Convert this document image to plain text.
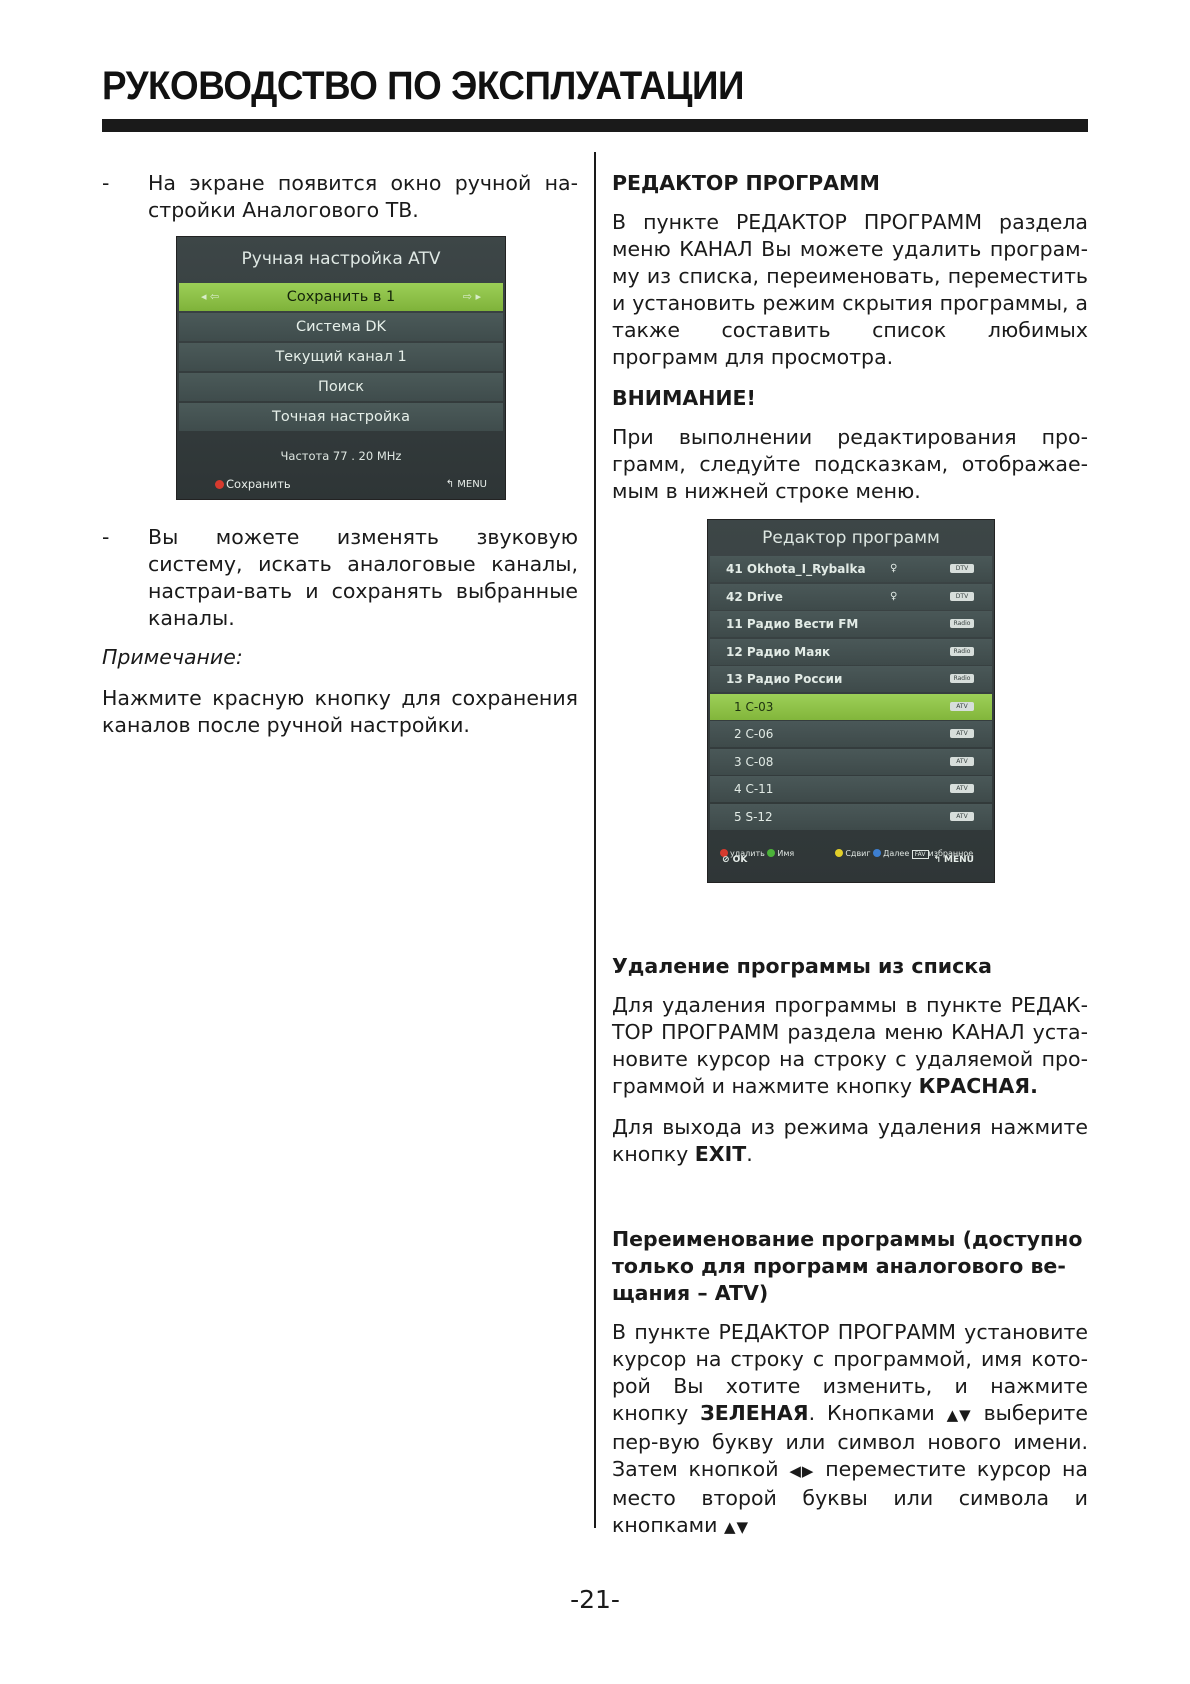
РУКОВОДСТВО ПО ЭКСПЛУАТАЦИИ
-	На экране появится окно ручной на-стройки Аналогового ТВ.
Ручная настройка ATV
◂ ⇦	Сохранить в 1	⇨ ▸
Система DK
Текущий канал 1
Поиск
Точная настройка
Частота 77 . 20 MHz
Сохранить	↰ MENU
-	Вы можете изменять звуковую систему, искать аналоговые каналы, настраи-вать и сохранять выбранные каналы.

Примечание:

Нажмите красную кнопку для сохранения каналов после ручной настройки.

РЕДАКТОР ПРОГРАММ

В пункте РЕДАКТОР ПРОГРАММ раздела меню КАНАЛ Вы можете удалить програм-му из списка, переименовать, переместить и установить режим скрытия программы, а также составить список любимых программ для просмотра.

ВНИМАНИЕ!

При выполнении редактирования про-грамм, следуйте подсказкам, отображае-мым в нижней строке меню.

Редактор программ
41 Okhota_I_Rybalka ♀	DTV
42 Drive	♀	DTV
11 Радио Вести FM	Radio
12 Радио Маяк	Radio
13 Радио России	Radio
1 C-03	ATV
2 C-06	ATV
3 C-08	ATV
4 C-11	ATV
5 S-12	ATV
удалить Имя	Сдвиг Далее FAV избранное
⊘ OK	↰ MENU
Удаление программы из списка

Для удаления программы в пункте РЕДАК-ТОР ПРОГРАММ раздела меню КАНАЛ уста-новите курсор на строку с удаляемой про-граммой и нажмите кнопку КРАСНАЯ.

Для выхода из режима удаления нажмите кнопку EXIT.

Переименование программы (доступно только для программ аналогового ве-щания – ATV)

В пункте РЕДАКТОР ПРОГРАММ установите курсор на строку с программой, имя кото-рой Вы хотите изменить, и нажмите кнопку ЗЕЛЕНАЯ. Кнопками ▲▼ выберите пер-вую букву или символ нового имени. Затем кнопкой ◀▶ переместите курсор на место второй буквы или символа и кнопками ▲▼

-21-
